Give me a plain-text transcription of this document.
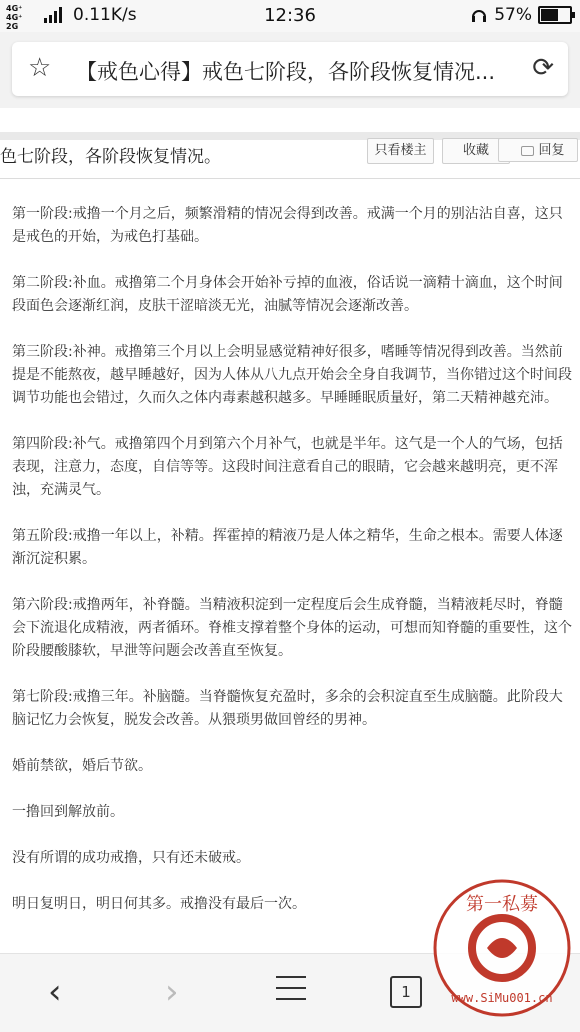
4G⁺ 4G⁺
2G
0.11K/s	12:36	57%
☆ 【戒色心得】戒色七阶段，各阶段恢复情况... ⟳
色七阶段，各阶段恢复情况。	只看楼主	收藏	回复

第一阶段:戒撸一个月之后，频繁滑精的情况会得到改善。戒满一个月的别沾沾自喜，这只是戒色的开始，为戒色打基础。

第二阶段:补血。戒撸第二个月身体会开始补亏掉的血液，俗话说一滴精十滴血，这个时间段面色会逐渐红润，皮肤干涩暗淡无光，油腻等情况会逐渐改善。

第三阶段:补神。戒撸第三个月以上会明显感觉精神好很多，嗜睡等情况得到改善。当然前提是不能熬夜，越早睡越好，因为人体从八九点开始会全身自我调节，当你错过这个时间段调节功能也会错过，久而久之体内毒素越积越多。早睡睡眠质量好，第二天精神越充沛。

第四阶段:补气。戒撸第四个月到第六个月补气，也就是半年。这气是一个人的气场，包括表现，注意力，态度，自信等等。这段时间注意看自己的眼睛，它会越来越明亮，更不浑浊，充满灵气。

第五阶段:戒撸一年以上，补精。挥霍掉的精液乃是人体之精华，生命之根本。需要人体逐渐沉淀积累。

第六阶段:戒撸两年，补脊髓。当精液积淀到一定程度后会生成脊髓，当精液耗尽时，脊髓会下流退化成精液，两者循环。脊椎支撑着整个身体的运动，可想而知脊髓的重要性，这个阶段腰酸膝软，早泄等问题会改善直至恢复。

第七阶段:戒撸三年。补脑髓。当脊髓恢复充盈时，多余的会积淀直至生成脑髓。此阶段大脑记忆力会恢复，脱发会改善。从猥琐男做回曾经的男神。

婚前禁欲，婚后节欲。

一撸回到解放前。

没有所谓的成功戒撸，只有还未破戒。

明日复明日，明日何其多。戒撸没有最后一次。

‹	›	1
第一私募
www.SiMu001.cn
